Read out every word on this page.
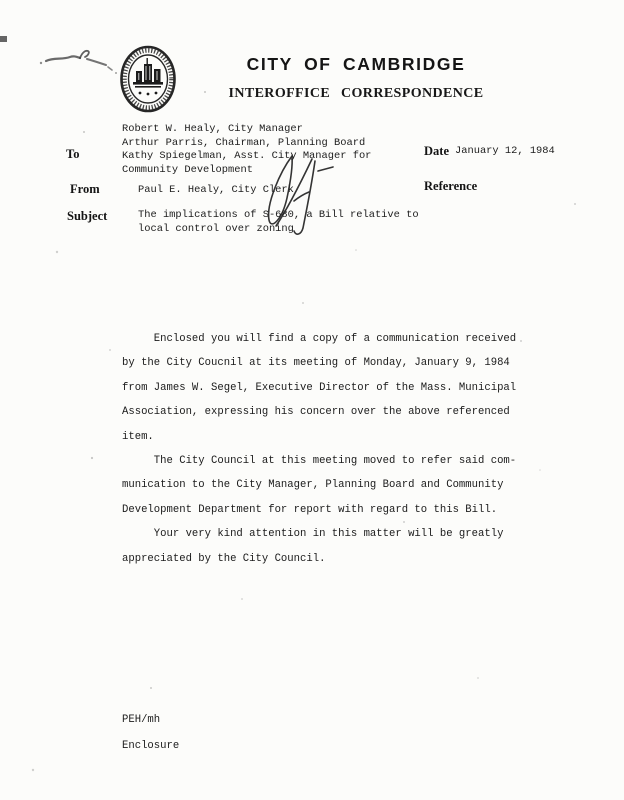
CITY OF CAMBRIDGE
INTEROFFICE CORRESPONDENCE
To
Robert W. Healy, City Manager
Arthur Parris, Chairman, Planning Board
Kathy Spiegelman, Asst. City Manager for
Community Development
Date January 12, 1984
From	Paul E. Healy, City Clerk	Reference
Subject	The implications of S-680, a Bill relative to
local control over zoning
Enclosed you will find a copy of a communication received
by the City Coucnil at its meeting of Monday, January 9, 1984
from James W. Segel, Executive Director of the Mass. Municipal
Association, expressing his concern over the above referenced
item.
The City Council at this meeting moved to refer said com-
munication to the City Manager, Planning Board and Community
Development Department for report with regard to this Bill.
Your very kind attention in this matter will be greatly
appreciated by the City Council.
PEH/mh
Enclosure
